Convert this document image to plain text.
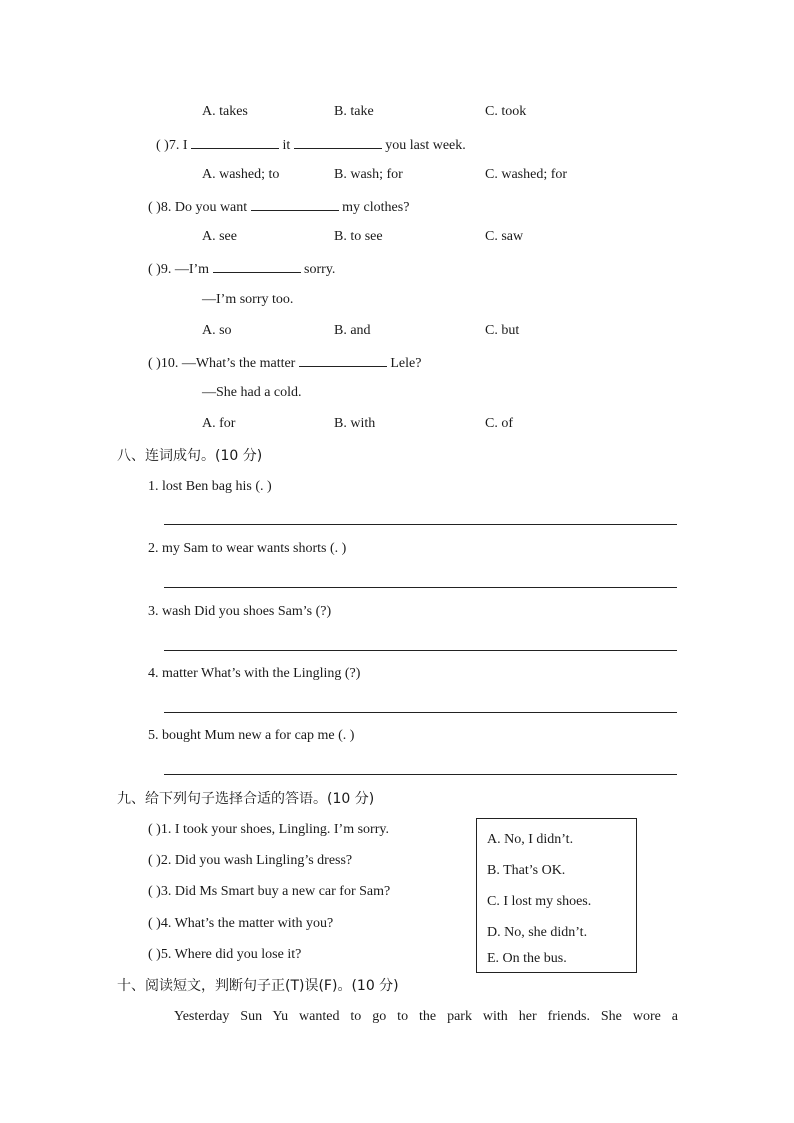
A. takes	B. take	C. took
( )7. I	it	you last week.
A. washed; to	B. wash; for	C. washed; for
( )8. Do you want	my clothes?
A. see	B. to see	C. saw
( )9. —I’m	sorry.
—I’m sorry too.
A. so	B. and	C. but
( )10. —What’s the matter	Lele?
—She had a cold.
A. for	B. with	C. of
八、连词成句。(10 分)
1. lost Ben bag his (. )
2. my Sam to wear wants shorts (. )
3. wash Did you shoes Sam’s (?)
4. matter What’s with the Lingling (?)
5. bought Mum new a for cap me (. )
九、给下列句子选择合适的答语。(10 分)
( )1. I took your shoes, Lingling. I’m sorry.
( )2. Did you wash Lingling’s dress?
( )3. Did Ms Smart buy a new car for Sam?
( )4. What’s the matter with you?
( )5. Where did you lose it?
A. No, I didn’t.
B. That’s OK.
C. I lost my shoes.
D. No, she didn’t.
E. On the bus.
十、阅读短文，判断句子正(T)误(F)。(10 分)
Yesterday Sun Yu wanted to go to the park with her friends. She wore a
